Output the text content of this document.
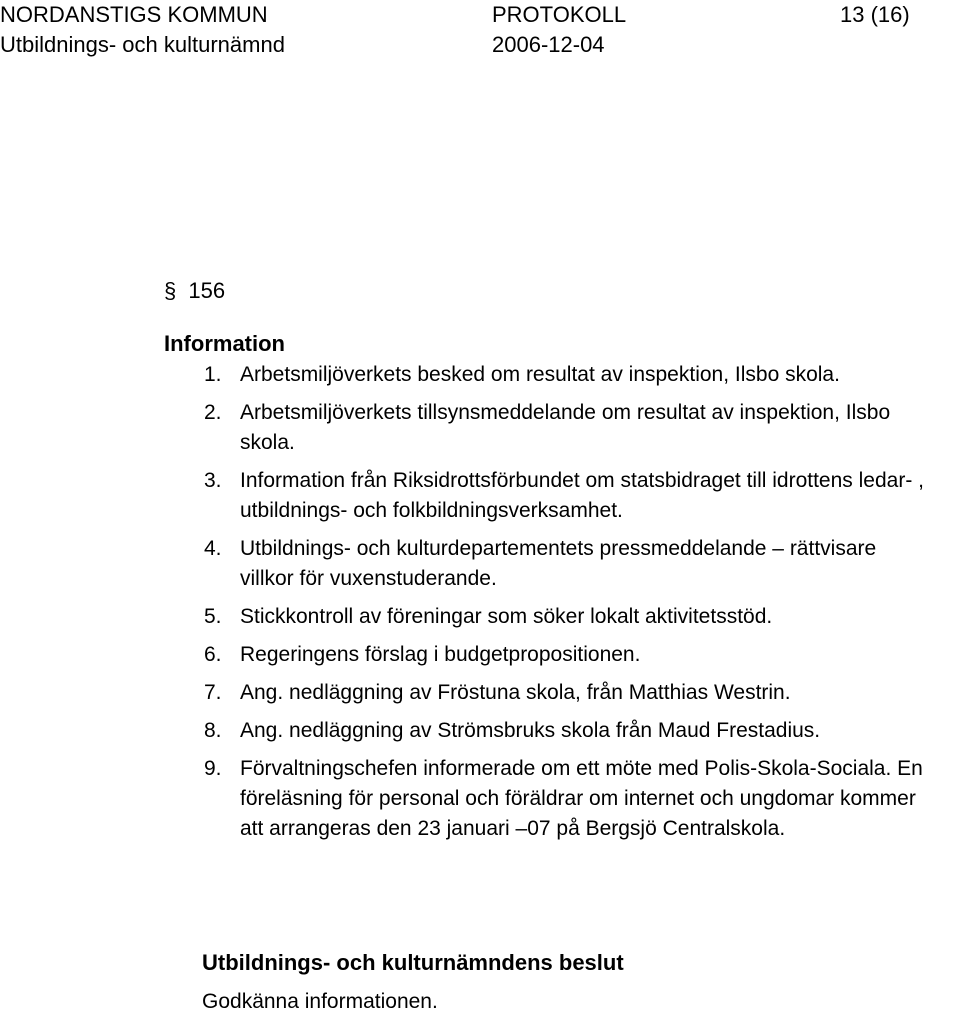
NORDANSTIGS KOMMUN
Utbildnings- och kulturnämnd
PROTOKOLL
2006-12-04
13 (16)
§ 156
Information
1. Arbetsmiljöverkets besked om resultat av inspektion, Ilsbo skola.
2. Arbetsmiljöverkets tillsynsmeddelande om resultat av inspektion, Ilsbo skola.
3. Information från Riksidrottsförbundet om statsbidraget till idrottens ledar- , utbildnings- och folkbildningsverksamhet.
4. Utbildnings- och kulturdepartementets pressmeddelande – rättvisare villkor för vuxenstuderande.
5. Stickkontroll av föreningar som söker lokalt aktivitetsstöd.
6. Regeringens förslag i budgetpropositionen.
7. Ang. nedläggning av Fröstuna skola, från Matthias Westrin.
8. Ang. nedläggning av Strömsbruks skola från Maud Frestadius.
9. Förvaltningschefen informerade om ett möte med Polis-Skola-Sociala. En föreläsning för personal och föräldrar om internet och ungdomar kommer att arrangeras den 23 januari –07 på Bergsjö Centralskola.
Utbildnings- och kulturnämndens beslut
Godkänna informationen.
